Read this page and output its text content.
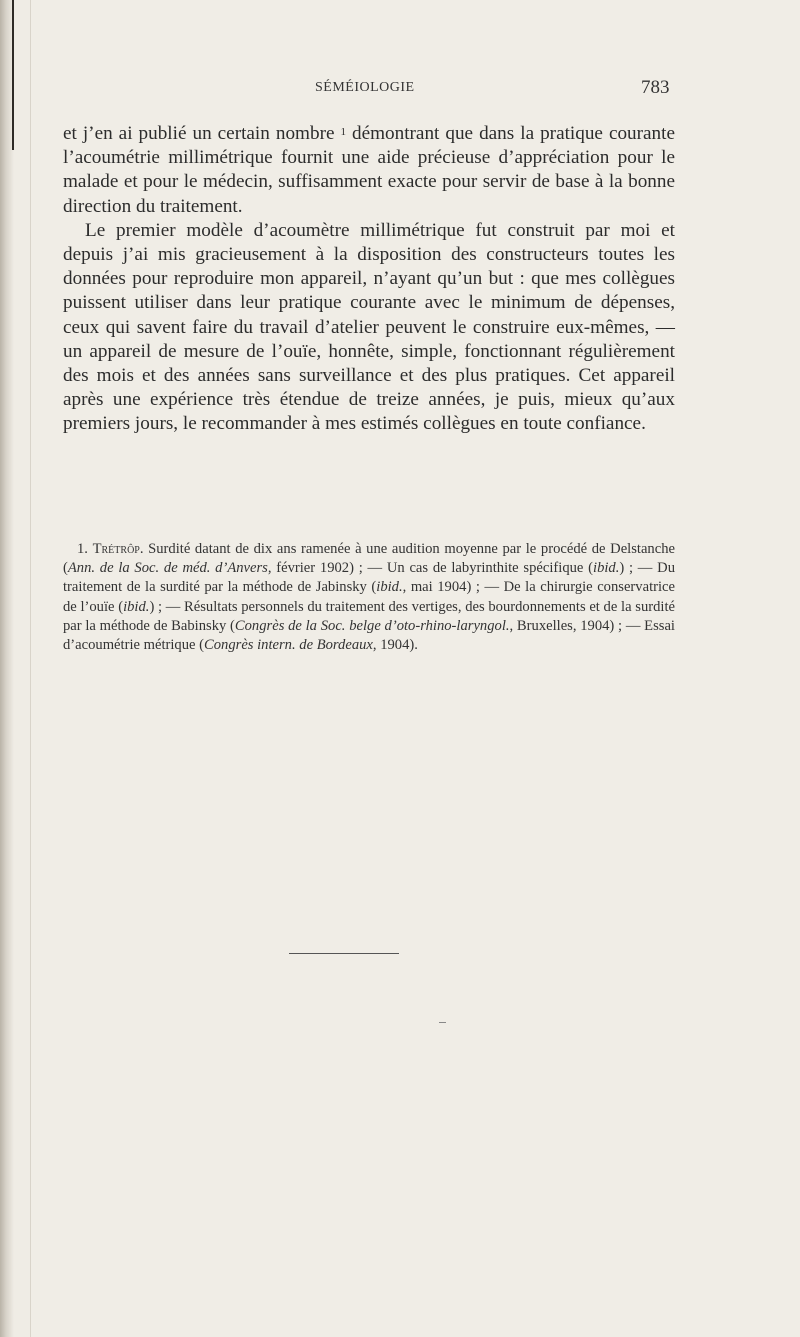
SÉMÉIOLOGIE	783

et j’en ai publié un certain nombre $^1$ démontrant que dans la pratique courante l’acoumétrie millimétrique fournit une aide précieuse d’appréciation pour le malade et pour le médecin, suffisamment exacte pour servir de base à la bonne direction du traitement.

Le premier modèle d’acoumètre millimétrique fut construit par moi et depuis j’ai mis gracieusement à la disposition des constructeurs toutes les données pour reproduire mon appareil, n’ayant qu’un but : que mes collègues puissent utiliser dans leur pratique courante avec le minimum de dépenses, ceux qui savent faire du travail d’atelier peuvent le construire eux-mêmes, — un appareil de mesure de l’ouïe, honnête, simple, fonctionnant régulièrement des mois et des années sans surveillance et des plus pratiques. Cet appareil après une expérience très étendue de treize années, je puis, mieux qu’aux premiers jours, le recommander à mes estimés collègues en toute confiance.

1. Trétrôp. Surdité datant de dix ans ramenée à une audition moyenne par le procédé de Delstanche (Ann. de la Soc. de méd. d’Anvers, février 1902) ; — Un cas de labyrinthite spécifique (ibid.) ; — Du traitement de la surdité par la méthode de Jabinsky (ibid., mai 1904) ; — De la chirurgie conservatrice de l’ouïe (ibid.) ; — Résultats personnels du traitement des vertiges, des bourdonnements et de la surdité par la méthode de Babinsky (Congrès de la Soc. belge d’oto-rhino-laryngol., Bruxelles, 1904) ; — Essai d’acoumétrie métrique (Congrès intern. de Bordeaux, 1904).
